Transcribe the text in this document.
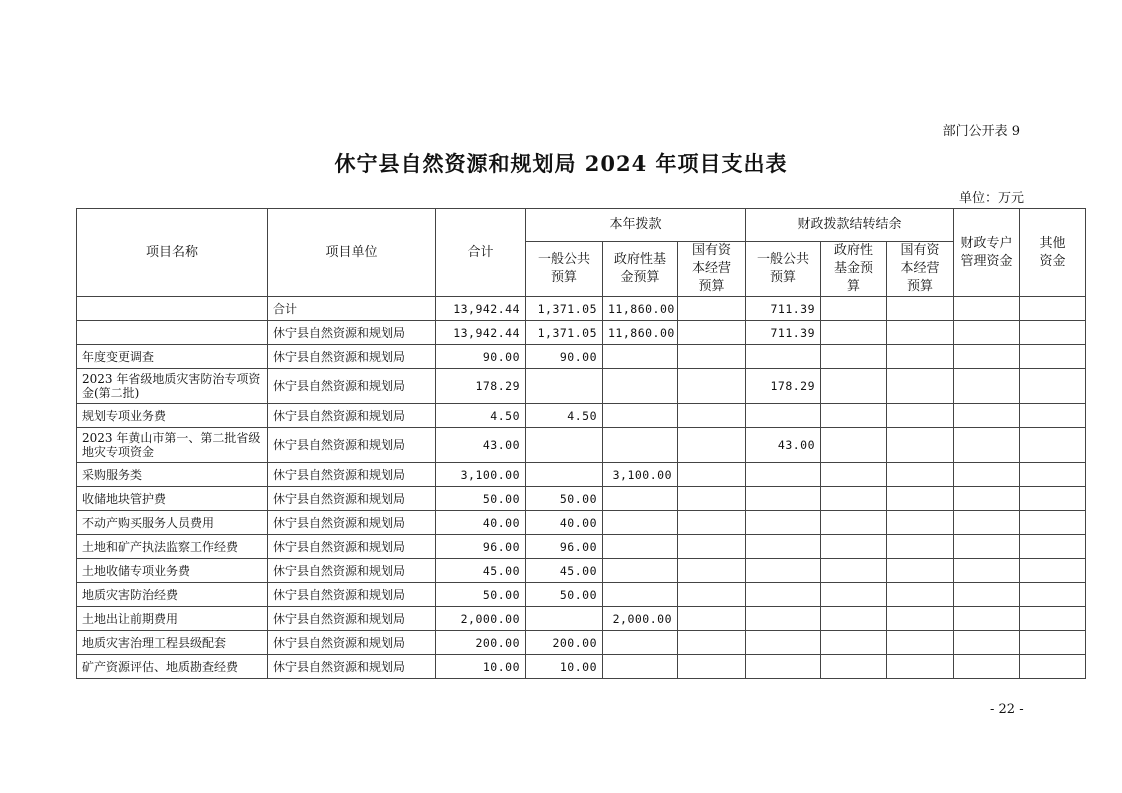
部门公开表 9
休宁县自然资源和规划局 2024 年项目支出表
单位：万元
项目名称	项目单位	合计	本年拨款			财政拨款结转结余			财政专户管理资金	其他资金

			一般公共预算	政府性基金预算	国有资本经营预算	一般公共预算	政府性基金预算	国有资本经营预算		

	合计	13,942.44	1,371.05	11,860.00		711.39				
	休宁县自然资源和规划局	13,942.44	1,371.05	11,860.00		711.39				
年度变更调查	休宁县自然资源和规划局	90.00	90.00							
2023 年省级地质灾害防治专项资金(第二批)	休宁县自然资源和规划局	178.29				178.29				
规划专项业务费	休宁县自然资源和规划局	4.50	4.50							
2023 年黄山市第一、第二批省级地灾专项资金	休宁县自然资源和规划局	43.00				43.00				
采购服务类	休宁县自然资源和规划局	3,100.00		3,100.00						
收储地块管护费	休宁县自然资源和规划局	50.00	50.00							
不动产购买服务人员费用	休宁县自然资源和规划局	40.00	40.00							
土地和矿产执法监察工作经费	休宁县自然资源和规划局	96.00	96.00							
土地收储专项业务费	休宁县自然资源和规划局	45.00	45.00							
地质灾害防治经费	休宁县自然资源和规划局	50.00	50.00							
土地出让前期费用	休宁县自然资源和规划局	2,000.00		2,000.00						
地质灾害治理工程县级配套	休宁县自然资源和规划局	200.00	200.00							
矿产资源评估、地质勘查经费	休宁县自然资源和规划局	10.00	10.00							
- 22 -
